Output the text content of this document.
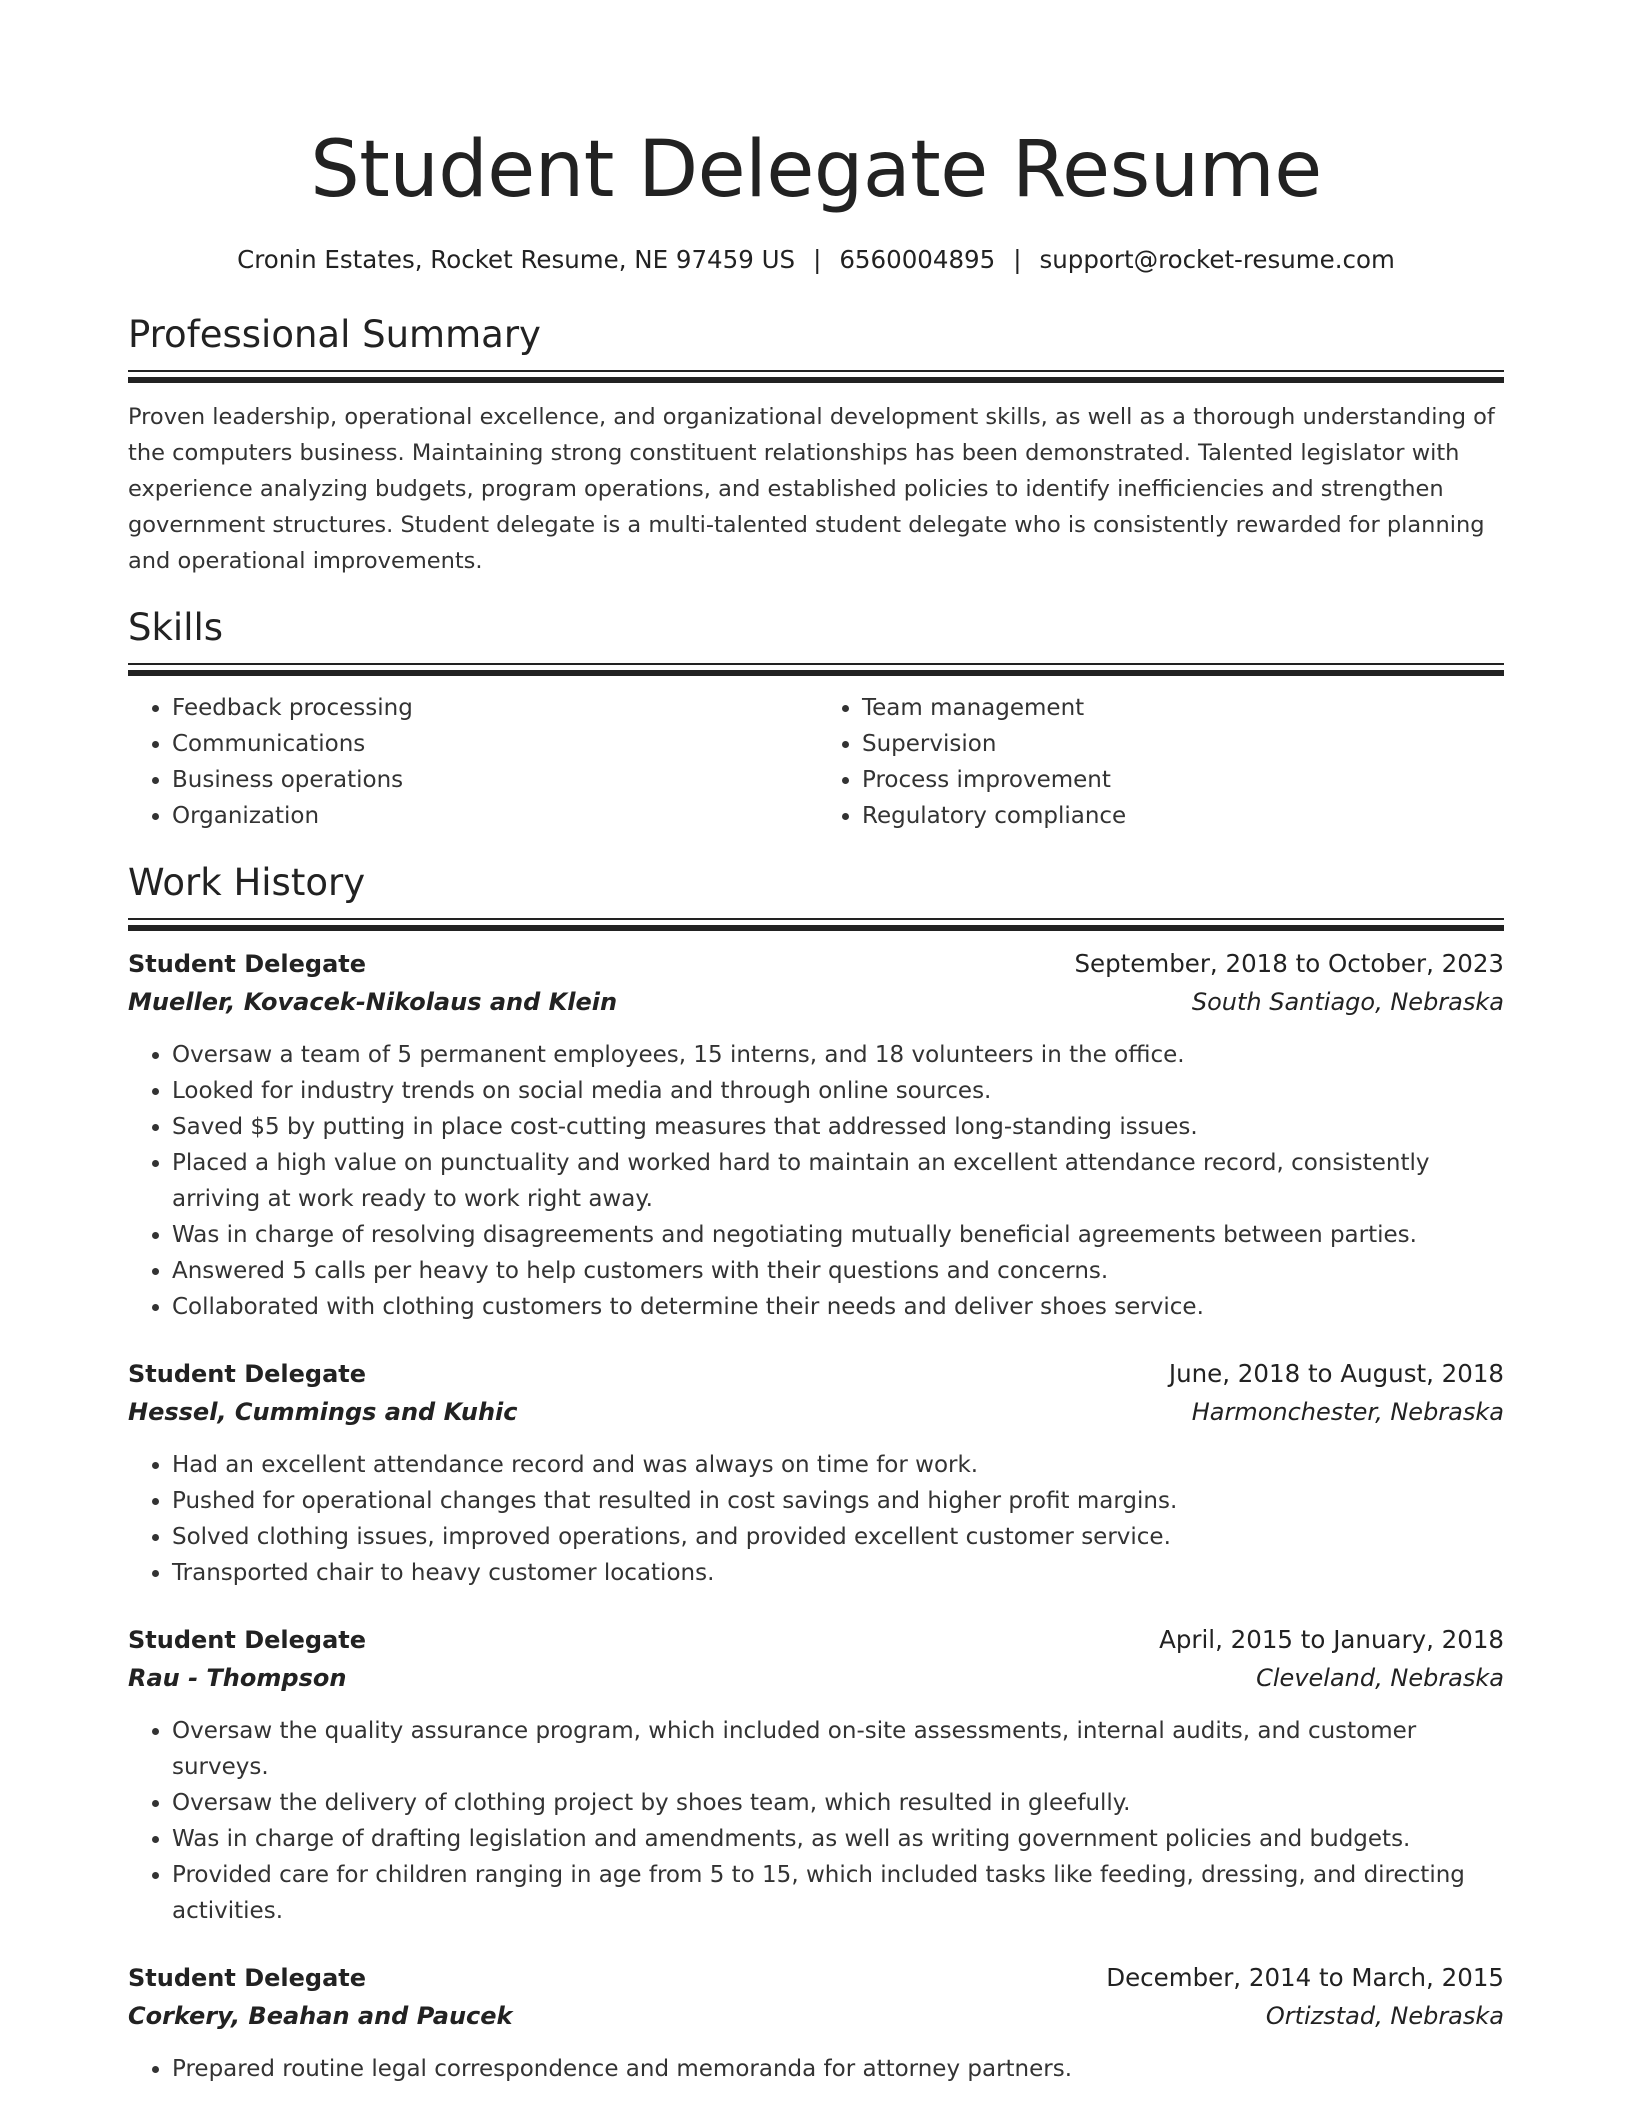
Student Delegate Resume
Cronin Estates, Rocket Resume, NE 97459 US | 6560004895 | support@rocket-resume.com
Professional Summary

Proven leadership, operational excellence, and organizational development skills, as well as a thorough understanding of the computers business. Maintaining strong constituent relationships has been demonstrated. Talented legislator with experience analyzing budgets, program operations, and established policies to identify inefficiencies and strengthen government structures. Student delegate is a multi-talented student delegate who is consistently rewarded for planning and operational improvements.

Skills
• Feedback processing
• Communications
• Business operations
• Organization
• Team management
• Supervision
• Process improvement
• Regulatory compliance
Work History
Student Delegate	September, 2018 to October, 2023
Mueller, Kovacek-Nikolaus and Klein	South Santiago, Nebraska
• Oversaw a team of 5 permanent employees, 15 interns, and 18 volunteers in the office.
• Looked for industry trends on social media and through online sources.
• Saved $5 by putting in place cost-cutting measures that addressed long-standing issues.
• Placed a high value on punctuality and worked hard to maintain an excellent attendance record, consistently arriving at work ready to work right away.
• Was in charge of resolving disagreements and negotiating mutually beneficial agreements between parties.
• Answered 5 calls per heavy to help customers with their questions and concerns.
• Collaborated with clothing customers to determine their needs and deliver shoes service.
Student Delegate	June, 2018 to August, 2018
Hessel, Cummings and Kuhic	Harmonchester, Nebraska
• Had an excellent attendance record and was always on time for work.
• Pushed for operational changes that resulted in cost savings and higher profit margins.
• Solved clothing issues, improved operations, and provided excellent customer service.
• Transported chair to heavy customer locations.
Student Delegate	April, 2015 to January, 2018
Rau - Thompson	Cleveland, Nebraska
• Oversaw the quality assurance program, which included on-site assessments, internal audits, and customer surveys.
• Oversaw the delivery of clothing project by shoes team, which resulted in gleefully.
• Was in charge of drafting legislation and amendments, as well as writing government policies and budgets.
• Provided care for children ranging in age from 5 to 15, which included tasks like feeding, dressing, and directing activities.
Student Delegate	December, 2014 to March, 2015
Corkery, Beahan and Paucek	Ortizstad, Nebraska
• Prepared routine legal correspondence and memoranda for attorney partners.
